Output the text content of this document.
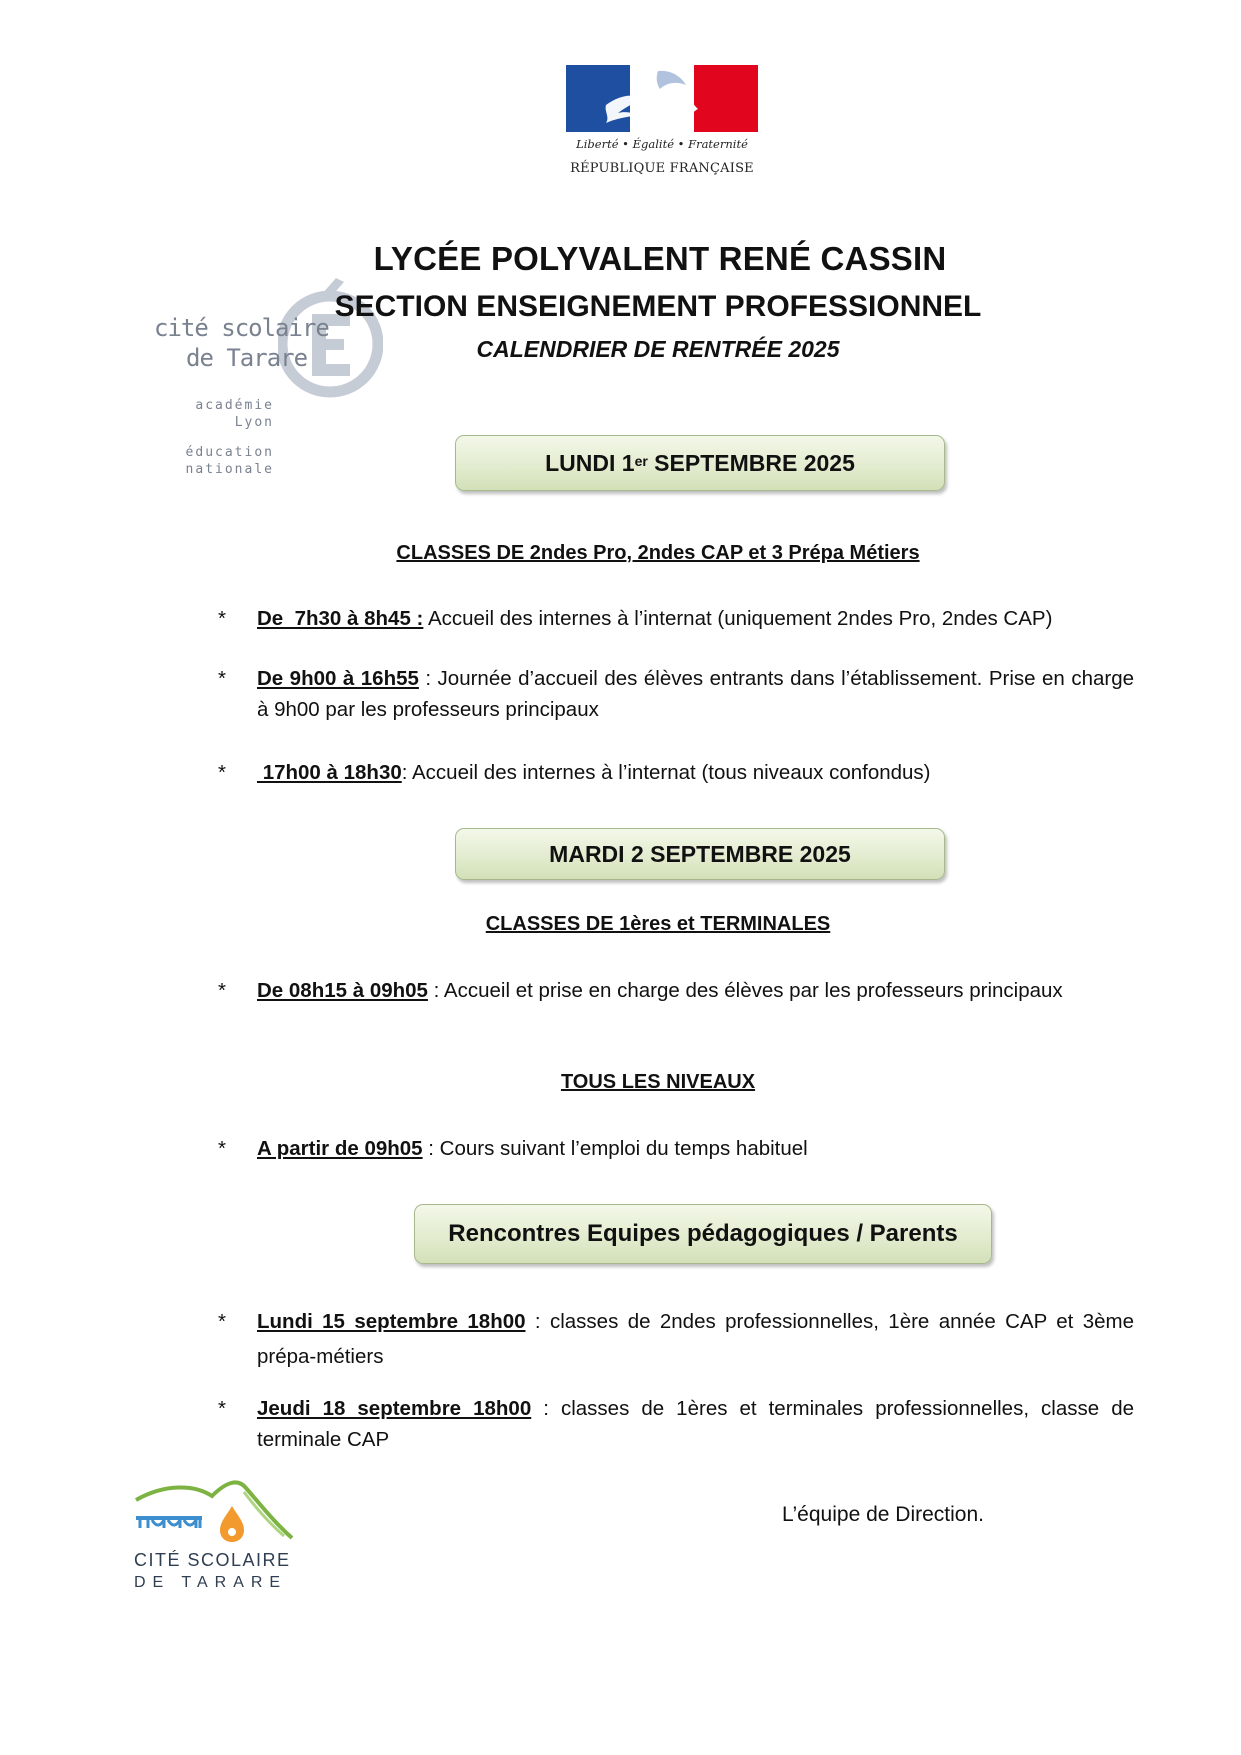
Liberté • Égalité • Fraternité
RÉPUBLIQUE FRANÇAISE
cité scolaire
de Tarare
académie
Lyon
éducation
nationale
LYCÉE POLYVALENT RENÉ CASSIN
SECTION ENSEIGNEMENT PROFESSIONNEL
CALENDRIER DE RENTRÉE 2025
LUNDI 1er SEPTEMBRE 2025
CLASSES DE 2ndes Pro, 2ndes CAP et 3 Prépa Métiers
* De  7h30 à 8h45 : Accueil des internes à l’internat (uniquement 2ndes Pro, 2ndes CAP)
* De 9h00 à 16h55 : Journée d’accueil des élèves entrants dans l’établissement. Prise en charge à 9h00 par les professeurs principaux
* 17h00 à 18h30: Accueil des internes à l’internat (tous niveaux confondus)
MARDI 2 SEPTEMBRE 2025
CLASSES DE 1ères et TERMINALES
* De 08h15 à 09h05 : Accueil et prise en charge des élèves par les professeurs principaux
TOUS LES NIVEAUX
* A partir de 09h05 : Cours suivant l’emploi du temps habituel
Rencontres Equipes pédagogiques / Parents
* Lundi 15 septembre 18h00 : classes de 2ndes professionnelles, 1ère année CAP et 3ème prépa-métiers
* Jeudi 18 septembre 18h00 : classes de 1ères et terminales professionnelles, classe de terminale CAP
CITÉ SCOLAIRE
DE TARARE
L’équipe de Direction.
